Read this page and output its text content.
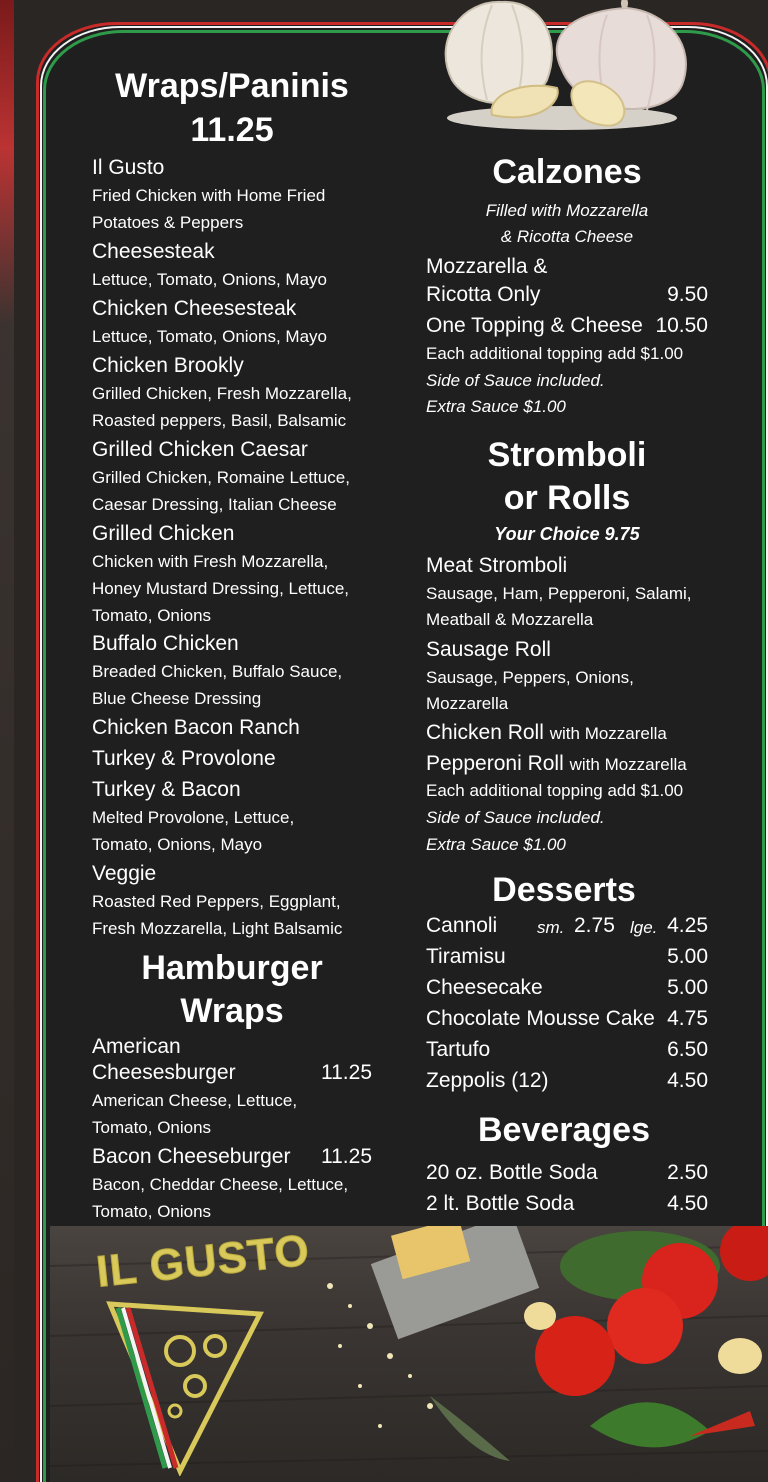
Wraps/Paninis
11.25
Il Gusto
Fried Chicken with Home Fried
Potatoes & Peppers
Cheesesteak
Lettuce, Tomato, Onions, Mayo
Chicken Cheesesteak
Lettuce, Tomato, Onions, Mayo
Chicken Brookly
Grilled Chicken, Fresh Mozzarella,
Roasted peppers, Basil, Balsamic
Grilled Chicken Caesar
Grilled Chicken, Romaine Lettuce,
Caesar Dressing, Italian Cheese
Grilled Chicken
Chicken with Fresh Mozzarella,
Honey Mustard Dressing, Lettuce,
Tomato, Onions
Buffalo Chicken
Breaded Chicken, Buffalo Sauce,
Blue Cheese Dressing
Chicken Bacon Ranch
Turkey & Provolone
Turkey & Bacon
Melted Provolone, Lettuce,
Tomato, Onions, Mayo
Veggie
Roasted Red Peppers, Eggplant,
Fresh Mozzarella, Light Balsamic
Hamburger
Wraps
American
Cheesesburger	11.25
American Cheese, Lettuce,
Tomato, Onions
Bacon Cheeseburger 11.25
Bacon, Cheddar Cheese, Lettuce,
Tomato, Onions
Calzones
Filled with Mozzarella
& Ricotta Cheese
Mozzarella &
Ricotta Only	9.50
One Topping & Cheese 10.50
Each additional topping add $1.00
Side of Sauce included.
Extra Sauce $1.00
Stromboli
or Rolls
Your Choice 9.75
Meat Stromboli
Sausage, Ham, Pepperoni, Salami,
Meatball & Mozzarella
Sausage Roll
Sausage, Peppers, Onions,
Mozzarella
Chicken Roll with Mozzarella
Pepperoni Roll with Mozzarella
Each additional topping add $1.00
Side of Sauce included.
Extra Sauce $1.00
Desserts
Cannoli sm. 2.75 lge. 4.25
Tiramisu	5.00
Cheesecake	5.00
Chocolate Mousse Cake 4.75
Tartufo	6.50
Zeppolis (12)	4.50
Beverages
20 oz. Bottle Soda	2.50
2 lt. Bottle Soda	4.50
IL GUSTO
